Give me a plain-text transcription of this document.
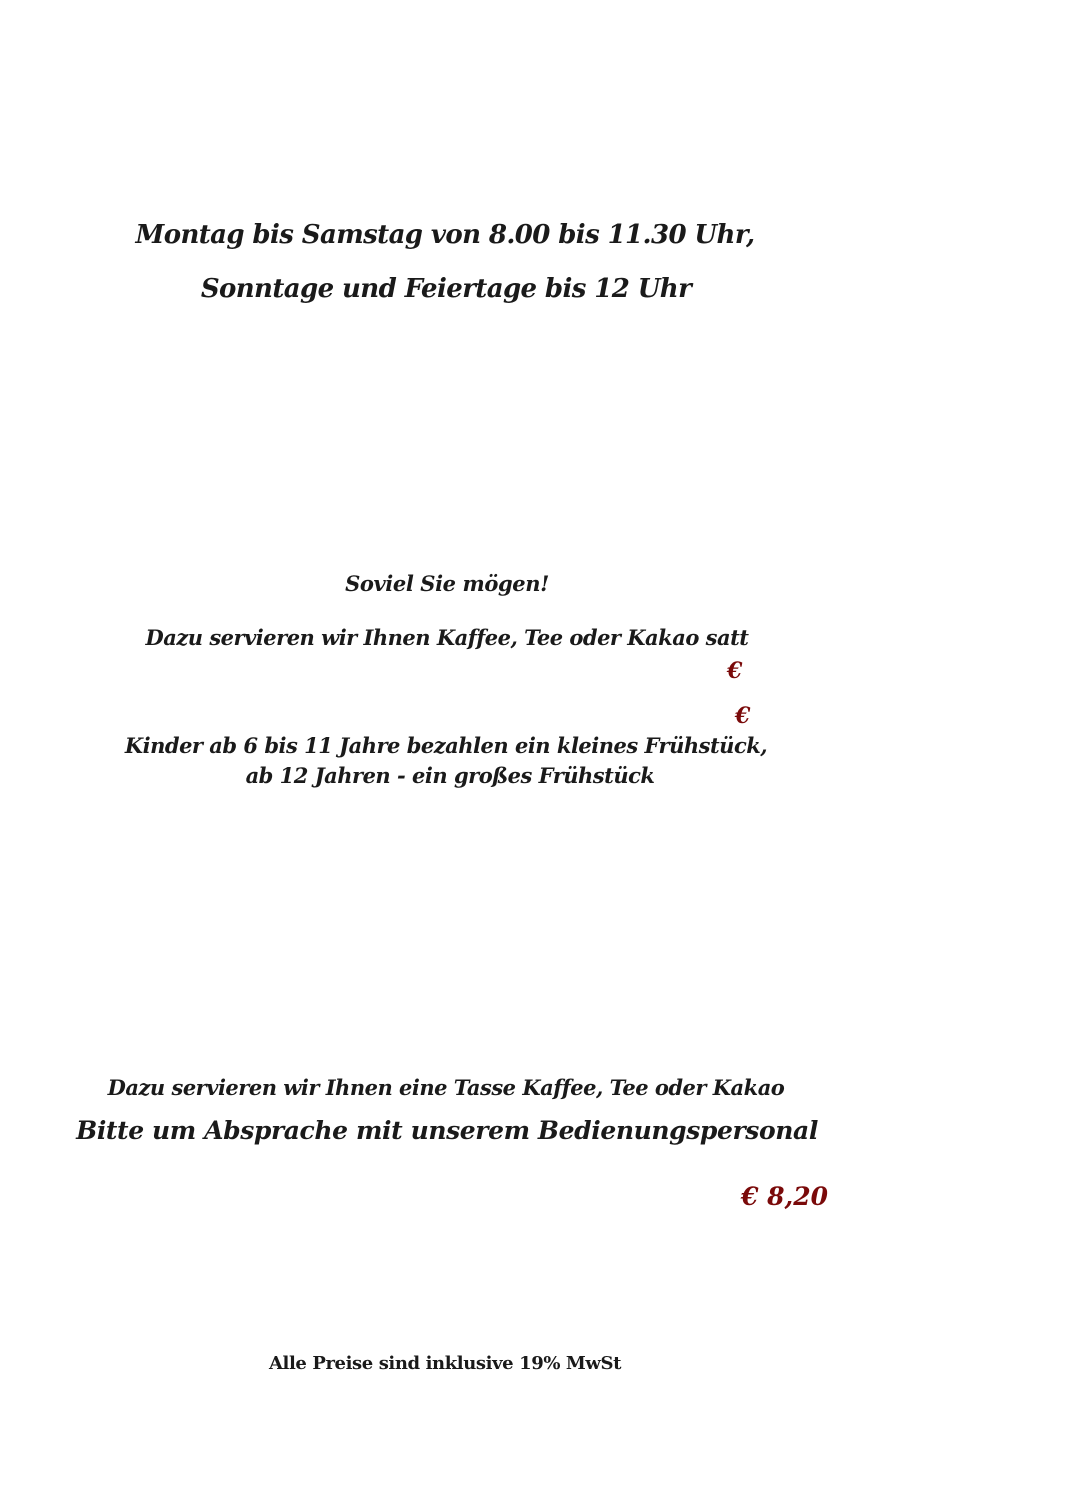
Montag bis Samstag von 8.00 bis 11.30 Uhr,
Sonntage und Feiertage bis 12 Uhr
Soviel Sie mögen!
Dazu servieren wir Ihnen Kaffee, Tee oder Kakao satt
€
€
Kinder ab 6 bis 11 Jahre bezahlen ein kleines Frühstück,
ab 12 Jahren - ein großes Frühstück
Dazu servieren wir Ihnen eine Tasse Kaffee, Tee oder Kakao
Bitte um Absprache mit unserem Bedienungspersonal
€ 8,20
Alle Preise sind inklusive 19% MwSt
